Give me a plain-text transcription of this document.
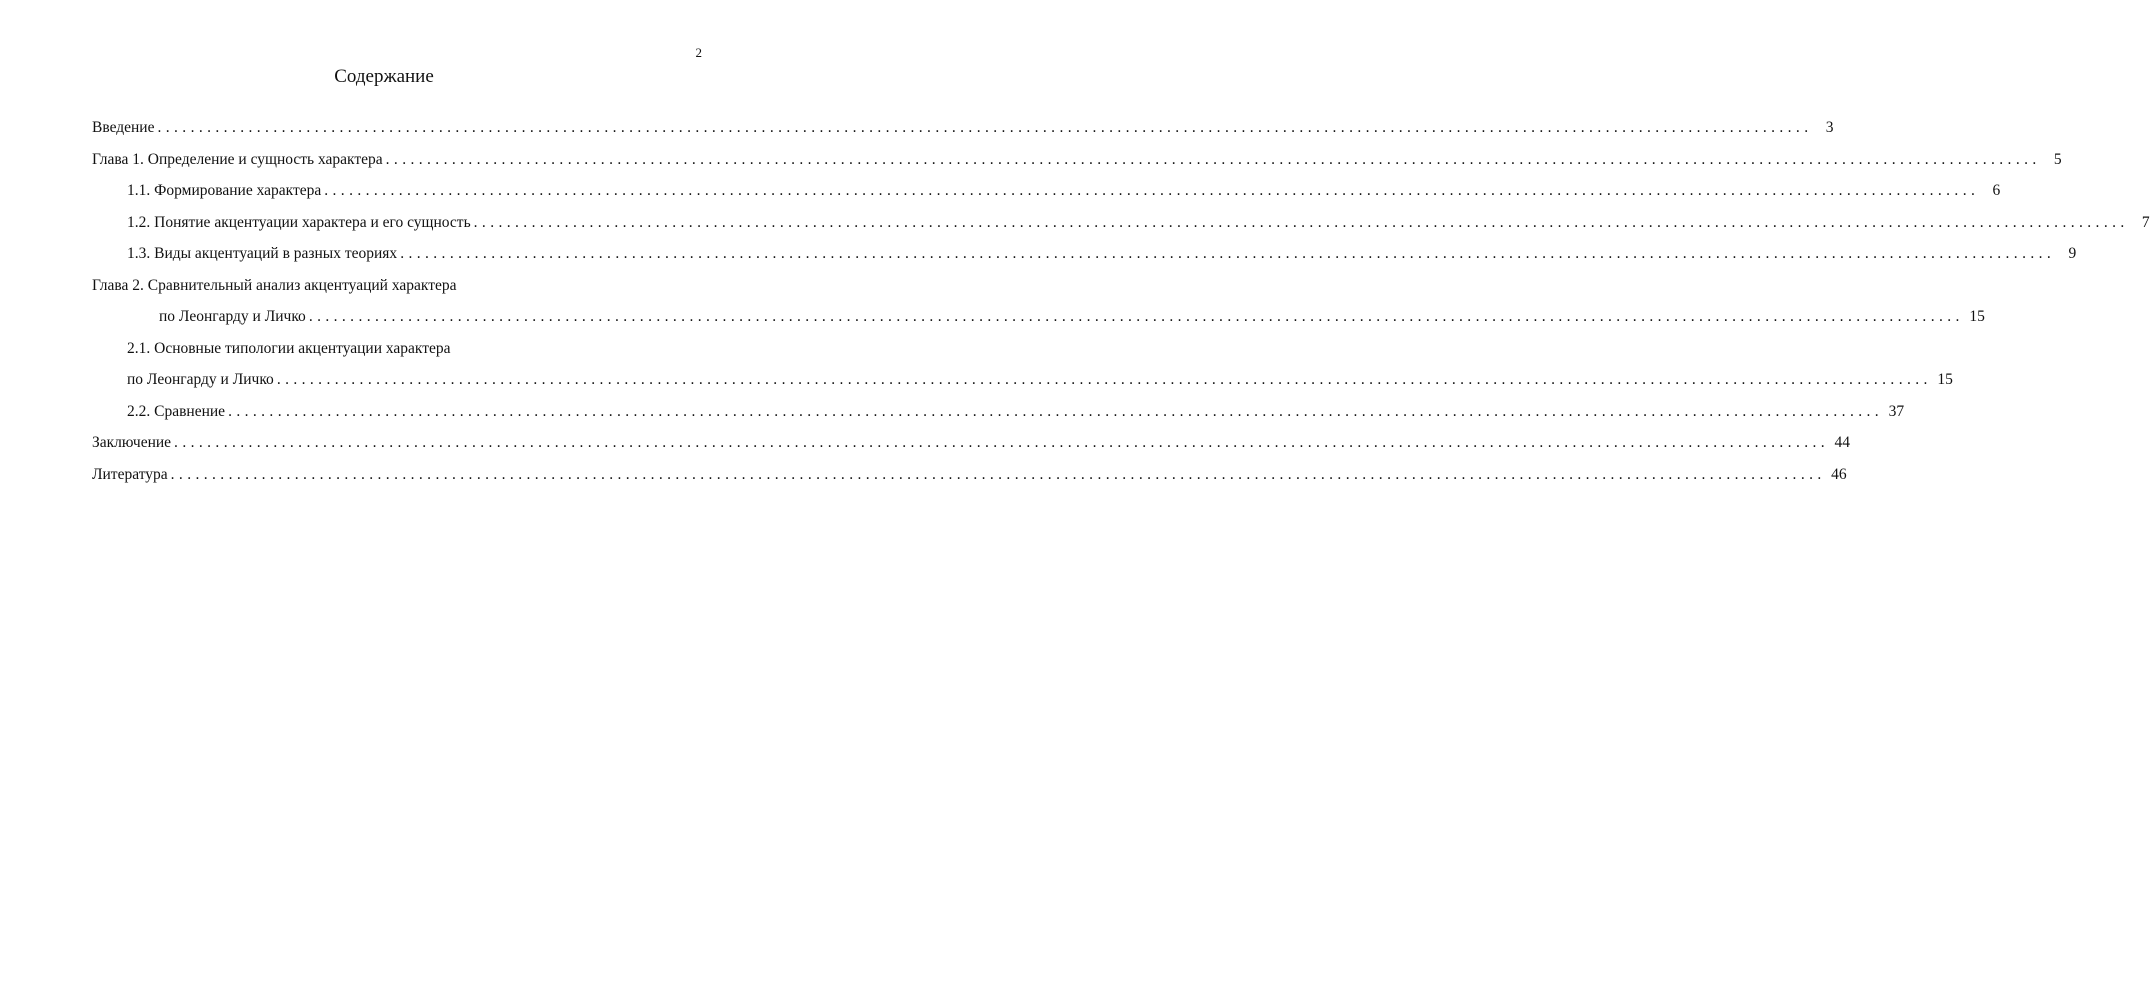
2
Содержание
Введение ........................................................................................................................................................................................................ 3
Глава 1. Определение и сущность характера ........................................................................................................................................................................................................ 5
1.1. Формирование характера ........................................................................................................................................................................................................ 6
1.2. Понятие акцентуации характера и его сущность ........................................................................................................................................................................................................ 7
1.3. Виды акцентуаций в разных теориях ........................................................................................................................................................................................................ 9
Глава 2. Сравнительный анализ акцентуаций характера
по Леонгарду и Личко ........................................................................................................................................................................................................ 15
2.1. Основные типологии акцентуации характера
по Леонгарду и Личко ........................................................................................................................................................................................................ 15
2.2. Сравнение ........................................................................................................................................................................................................ 37
Заключение ........................................................................................................................................................................................................ 44
Литература ........................................................................................................................................................................................................ 46
